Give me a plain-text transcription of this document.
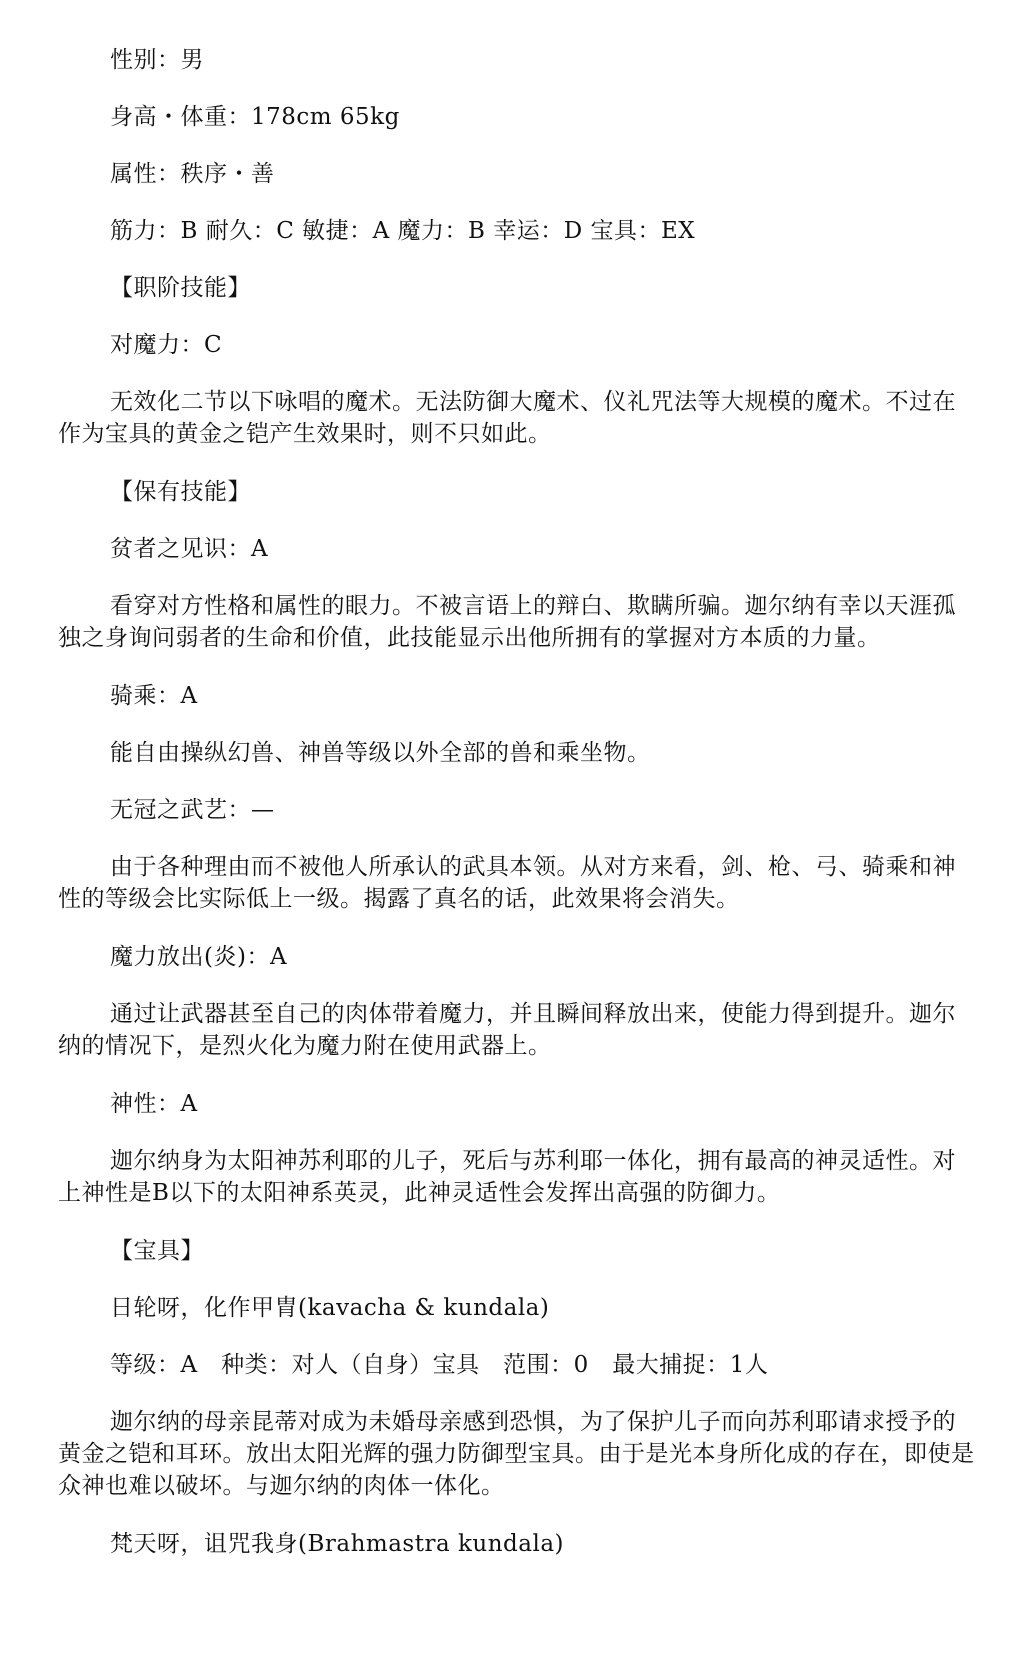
性别：男

身高・体重：178cm 65kg

属性：秩序・善

筋力：B 耐久：C 敏捷：A 魔力：B 幸运：D 宝具：EX

【职阶技能】

对魔力：C

无效化二节以下咏唱的魔术。无法防御大魔术、仪礼咒法等大规模的魔术。不过在作为宝具的黄金之铠产生效果时，则不只如此。

【保有技能】

贫者之见识：A

看穿对方性格和属性的眼力。不被言语上的辩白、欺瞒所骗。迦尔纳有幸以天涯孤独之身询问弱者的生命和价值，此技能显示出他所拥有的掌握对方本质的力量。

骑乘：A

能自由操纵幻兽、神兽等级以外全部的兽和乘坐物。

无冠之武艺：—

由于各种理由而不被他人所承认的武具本领。从对方来看，剑、枪、弓、骑乘和神性的等级会比实际低上一级。揭露了真名的话，此效果将会消失。

魔力放出(炎)：A

通过让武器甚至自己的肉体带着魔力，并且瞬间释放出来，使能力得到提升。迦尔纳的情况下，是烈火化为魔力附在使用武器上。

神性：A

迦尔纳身为太阳神苏利耶的儿子，死后与苏利耶一体化，拥有最高的神灵适性。对上神性是B以下的太阳神系英灵，此神灵适性会发挥出高强的防御力。

【宝具】

日轮呀，化作甲胄(kavacha & kundala)

等级：A　种类：对人（自身）宝具　范围：0　最大捕捉：1人

迦尔纳的母亲昆蒂对成为未婚母亲感到恐惧，为了保护儿子而向苏利耶请求授予的黄金之铠和耳环。放出太阳光辉的强力防御型宝具。由于是光本身所化成的存在，即使是众神也难以破坏。与迦尔纳的肉体一体化。

梵天呀，诅咒我身(Brahmastra kundala)
